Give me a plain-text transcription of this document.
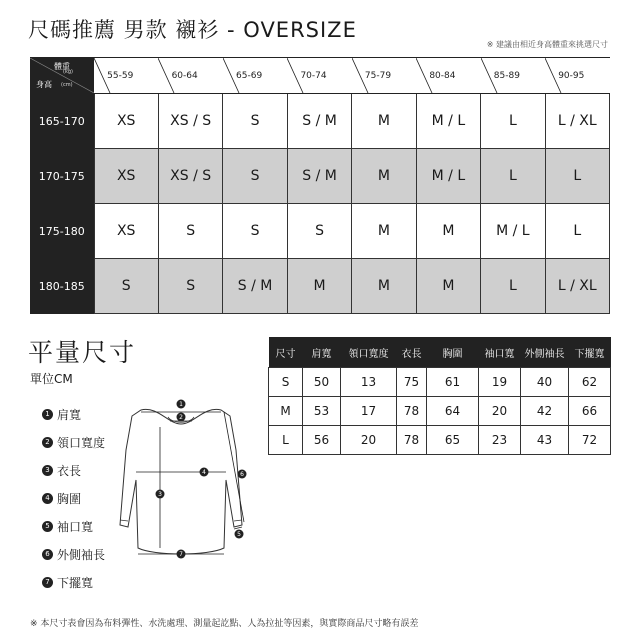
尺碼推薦 男款 襯衫 - OVERSIZE
※ 建議由相近身高體重來挑選尺寸
體重
(kg)
身高 (cm)	55-59	60-64	65-69	70-74	75-79	80-84	85-89	90-95
165-170	XS	XS / S	S	S / M	M	M / L	L	L / XL
170-175	XS	XS / S	S	S / M	M	M / L	L	L
175-180	XS	S	S	S	M	M	M / L	L
180-185	S	S	S / M	M	M	M	L	L / XL
平量尺寸
單位CM
1 肩寬
2 領口寬度
3 衣長
4 胸圍
5 袖口寬
6 外側袖長
7 下擺寬
1
2
3
4
5
6
7
尺寸	肩寬	領口寬度	衣長	胸圍	袖口寬	外側袖長	下擺寬
S	50	13	75	61	19	40	62
M	53	17	78	64	20	42	66
L	56	20	78	65	23	43	72
※ 本尺寸表會因為布料彈性、水洗處理、測量起訖點、人為拉扯等因素，與實際商品尺寸略有誤差
